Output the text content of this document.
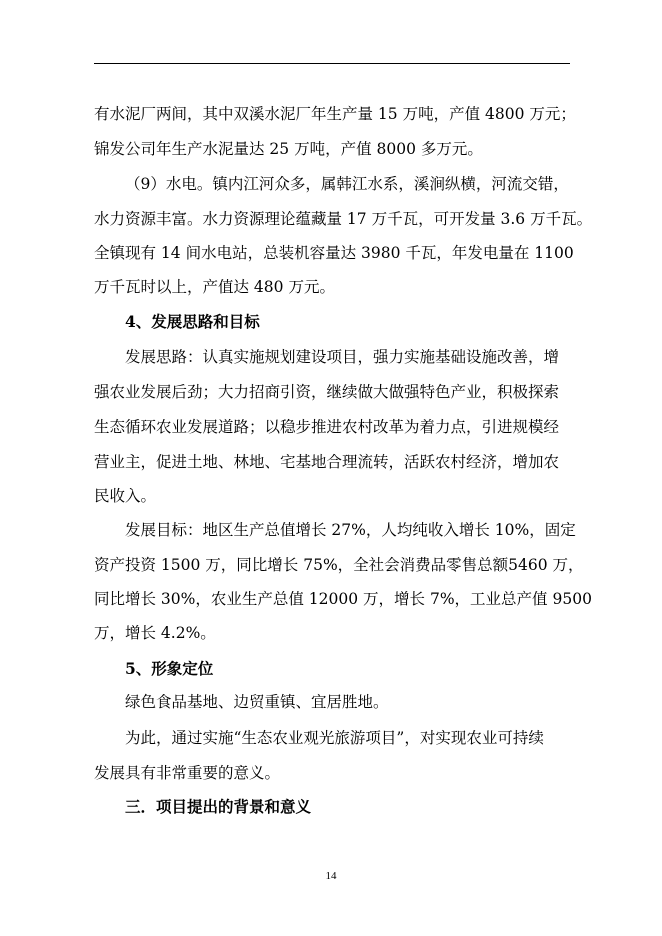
有水泥厂两间，其中双溪水泥厂年生产量 15 万吨，产值 4800 万元；
锦发公司年生产水泥量达 25 万吨，产值 8000 多万元。
（9）水电。镇内江河众多，属韩江水系，溪涧纵横，河流交错，
水力资源丰富。水力资源理论蕴藏量 17 万千瓦，可开发量 3.6 万千瓦。
全镇现有 14 间水电站，总装机容量达 3980 千瓦，年发电量在 1100
万千瓦时以上，产值达 480 万元。
4、发展思路和目标
发展思路：认真实施规划建设项目，强力实施基础设施改善，增
强农业发展后劲；大力招商引资，继续做大做强特色产业，积极探索
生态循环农业发展道路；以稳步推进农村改革为着力点，引进规模经
营业主，促进土地、林地、宅基地合理流转，活跃农村经济，增加农
民收入。
发展目标：地区生产总值增长 27%，人均纯收入增长 10%，固定
资产投资 1500 万，同比增长 75%，全社会消费品零售总额5460 万，
同比增长 30%，农业生产总值 12000 万，增长 7%，工业总产值 9500
万，增长 4.2%。
5、形象定位
绿色食品基地、边贸重镇、宜居胜地。
为此，通过实施“生态农业观光旅游项目”，对实现农业可持续
发展具有非常重要的意义。
三．项目提出的背景和意义
14
